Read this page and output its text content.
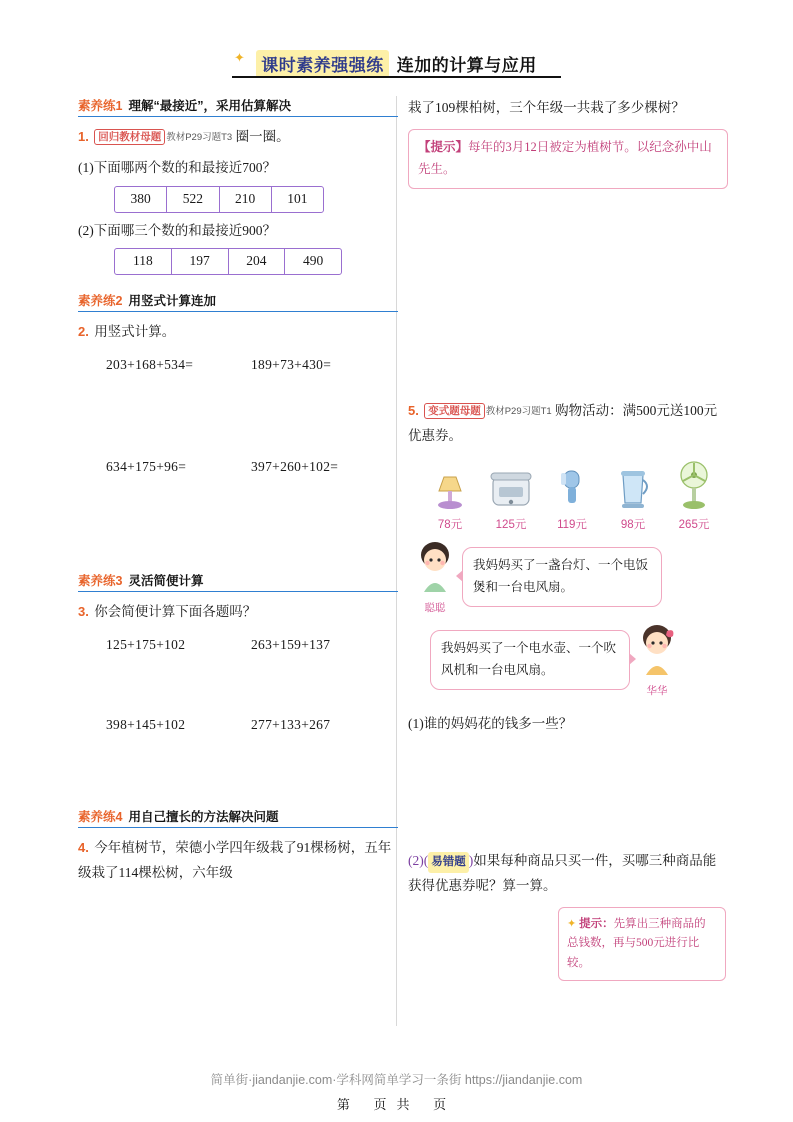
✦ 课时素养强强练 连加的计算与应用
素养练1 理解“最接近”，采用估算解决
1. 回归教材母题 教材P29习题T3 圈一圈。
(1)下面哪两个数的和最接近700？
380	522	210	101
(2)下面哪三个数的和最接近900？
118	197	204	490
素养练2 用竖式计算连加
2. 用竖式计算。
203+168+534=	189+73+430=
634+175+96=	397+260+102=
素养练3 灵活简便计算
3. 你会简便计算下面各题吗？
125+175+102	263+159+137
398+145+102	277+133+267
素养练4 用自己擅长的方法解决问题
4. 今年植树节，荣德小学四年级栽了91棵杨树，五年级栽了114棵松树，六年级
栽了109棵柏树，三个年级一共栽了多少棵树？
【提示】每年的3月12日被定为植树节。以纪念孙中山先生。
5. 变式题母题 教材P29习题T1 购物活动：满500元送100元优惠券。
78元	125元	119元	98元	265元
聪聪
我妈妈买了一盏台灯、一个电饭煲和一台电风扇。
我妈妈买了一个电水壶、一个吹风机和一台电风扇。
华华
(1)谁的妈妈花的钱多一些？
(2)( 易错题 )如果每种商品只买一件，买哪三种商品能获得优惠券呢？算一算。
✦ 提示：先算出三种商品的总钱数，再与500元进行比较。
简单街·jiandanjie.com·学科网简单学习一条街 https://jiandanjie.com
第 页共 页
